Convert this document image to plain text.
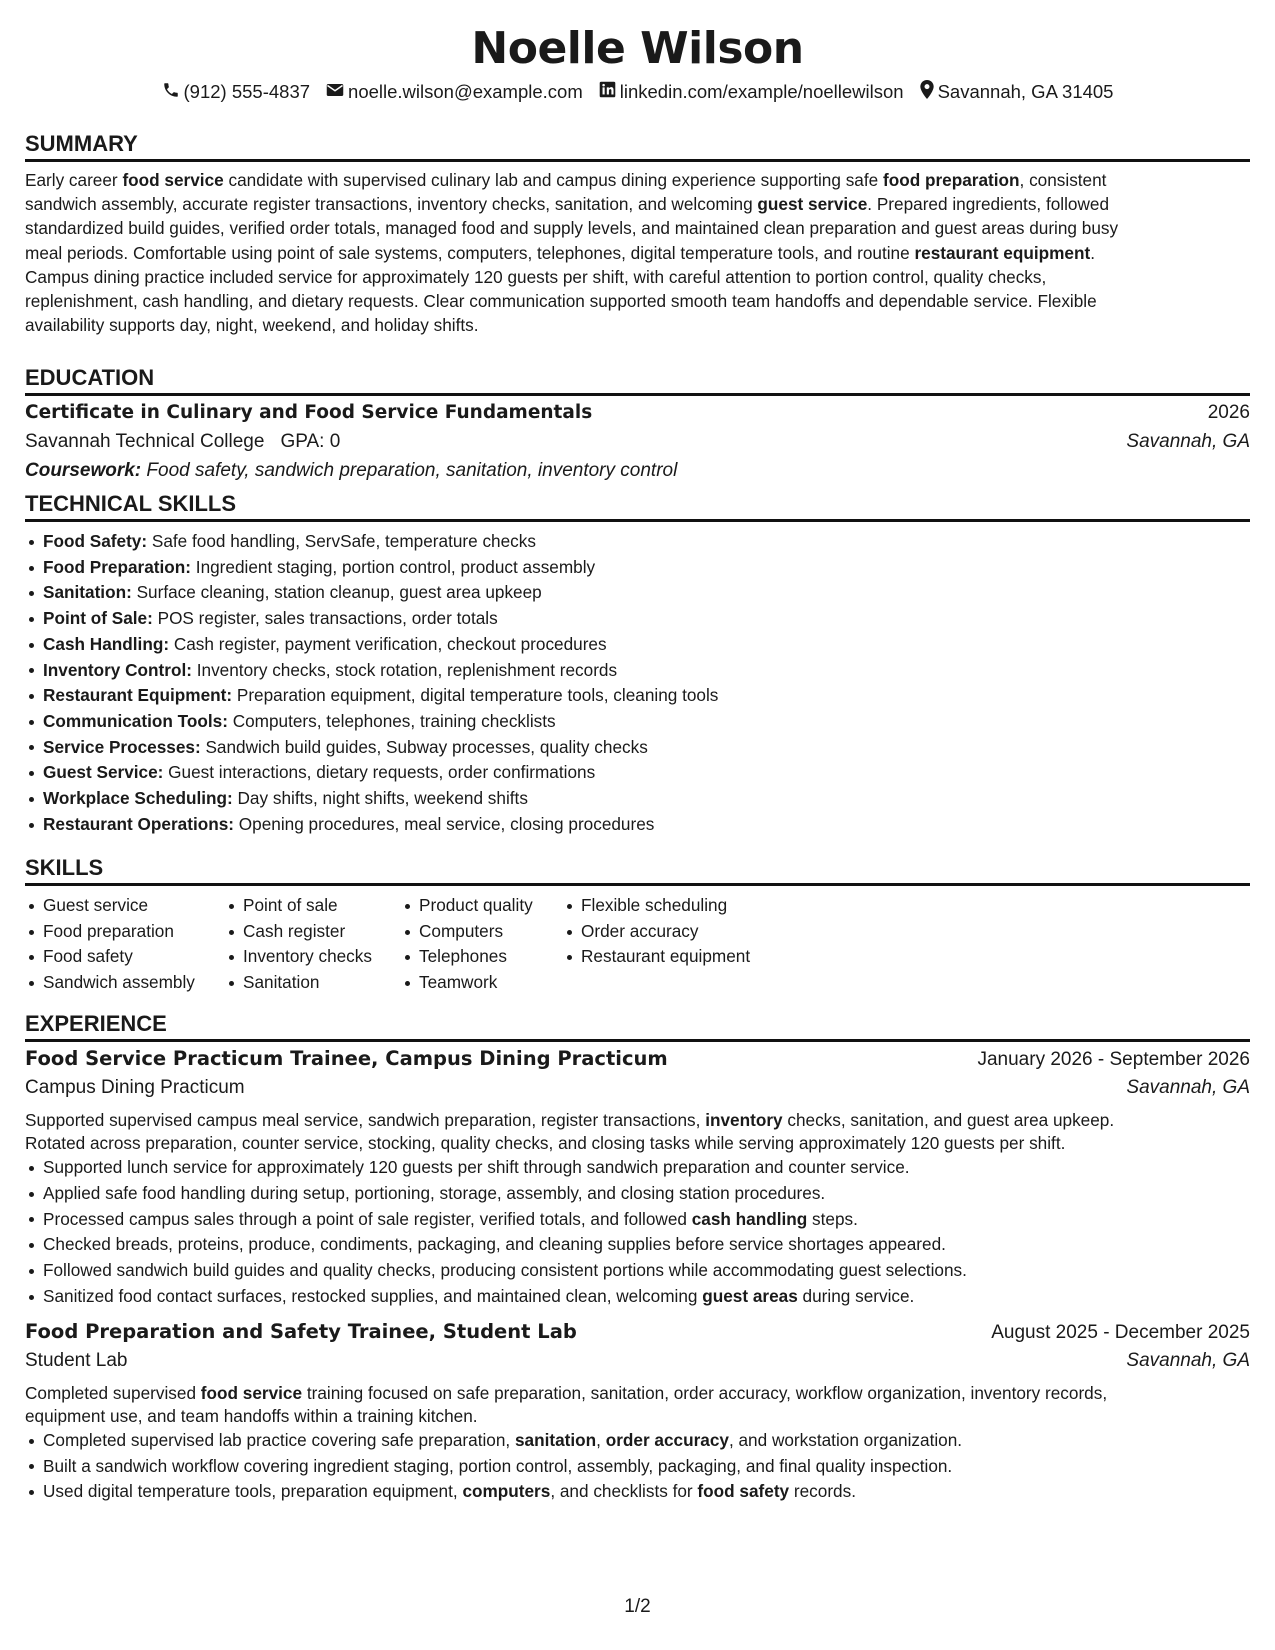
Noelle Wilson
(912) 555-4837 noelle.wilson@example.com linkedin.com/example/noellewilson Savannah, GA 31405
SUMMARY
Early career food service candidate with supervised culinary lab and campus dining experience supporting safe food preparation, consistent
sandwich assembly, accurate register transactions, inventory checks, sanitation, and welcoming guest service. Prepared ingredients, followed
standardized build guides, verified order totals, managed food and supply levels, and maintained clean preparation and guest areas during busy
meal periods. Comfortable using point of sale systems, computers, telephones, digital temperature tools, and routine restaurant equipment.
Campus dining practice included service for approximately 120 guests per shift, with careful attention to portion control, quality checks,
replenishment, cash handling, and dietary requests. Clear communication supported smooth team handoffs and dependable service. Flexible
availability supports day, night, weekend, and holiday shifts.
EDUCATION
Certificate in Culinary and Food Service Fundamentals	2026
Savannah Technical College GPA: 0	Savannah, GA
Coursework: Food safety, sandwich preparation, sanitation, inventory control
TECHNICAL SKILLS
Food Safety: Safe food handling, ServSafe, temperature checks
Food Preparation: Ingredient staging, portion control, product assembly
Sanitation: Surface cleaning, station cleanup, guest area upkeep
Point of Sale: POS register, sales transactions, order totals
Cash Handling: Cash register, payment verification, checkout procedures
Inventory Control: Inventory checks, stock rotation, replenishment records
Restaurant Equipment: Preparation equipment, digital temperature tools, cleaning tools
Communication Tools: Computers, telephones, training checklists
Service Processes: Sandwich build guides, Subway processes, quality checks
Guest Service: Guest interactions, dietary requests, order confirmations
Workplace Scheduling: Day shifts, night shifts, weekend shifts
Restaurant Operations: Opening procedures, meal service, closing procedures
SKILLS
Guest service
Food preparation
Food safety
Sandwich assembly
Point of sale
Cash register
Inventory checks
Sanitation
Product quality
Computers
Telephones
Teamwork
Flexible scheduling
Order accuracy
Restaurant equipment
EXPERIENCE
Food Service Practicum Trainee, Campus Dining Practicum	January 2026 - September 2026
Campus Dining Practicum	Savannah, GA
Supported supervised campus meal service, sandwich preparation, register transactions, inventory checks, sanitation, and guest area upkeep.
Rotated across preparation, counter service, stocking, quality checks, and closing tasks while serving approximately 120 guests per shift.
Supported lunch service for approximately 120 guests per shift through sandwich preparation and counter service.
Applied safe food handling during setup, portioning, storage, assembly, and closing station procedures.
Processed campus sales through a point of sale register, verified totals, and followed cash handling steps.
Checked breads, proteins, produce, condiments, packaging, and cleaning supplies before service shortages appeared.
Followed sandwich build guides and quality checks, producing consistent portions while accommodating guest selections.
Sanitized food contact surfaces, restocked supplies, and maintained clean, welcoming guest areas during service.
Food Preparation and Safety Trainee, Student Lab	August 2025 - December 2025
Student Lab	Savannah, GA
Completed supervised food service training focused on safe preparation, sanitation, order accuracy, workflow organization, inventory records,
equipment use, and team handoffs within a training kitchen.
Completed supervised lab practice covering safe preparation, sanitation, order accuracy, and workstation organization.
Built a sandwich workflow covering ingredient staging, portion control, assembly, packaging, and final quality inspection.
Used digital temperature tools, preparation equipment, computers, and checklists for food safety records.
1/2
